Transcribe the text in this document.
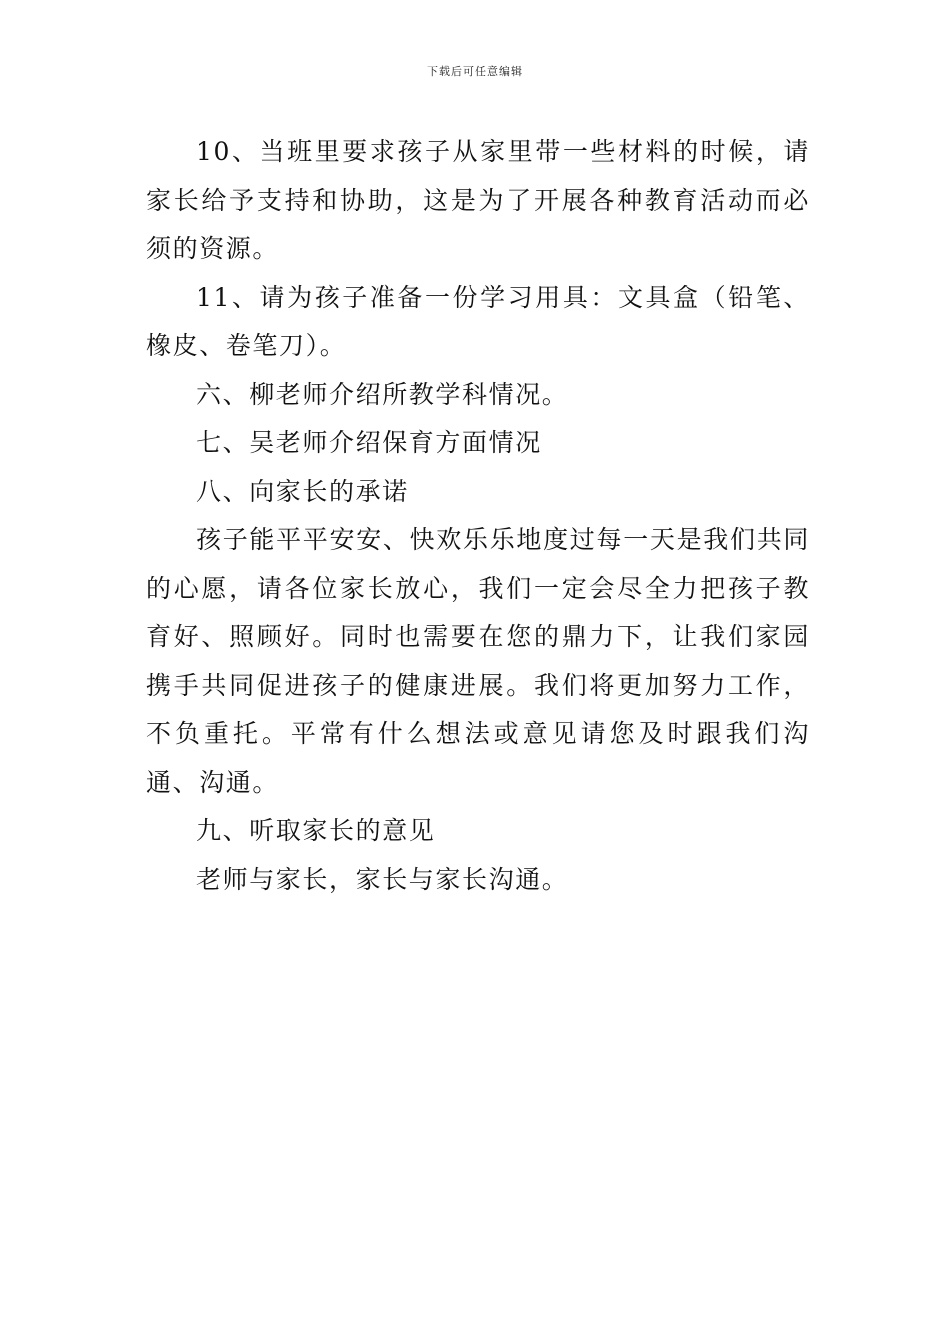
下载后可任意编辑

10、当班里要求孩子从家里带一些材料的时候，请家长给予支持和协助，这是为了开展各种教育活动而必须的资源。

11、请为孩子准备一份学习用具：文具盒（铅笔、橡皮、卷笔刀）。

六、柳老师介绍所教学科情况。

七、吴老师介绍保育方面情况

八、向家长的承诺

孩子能平平安安、快欢乐乐地度过每一天是我们共同的心愿，请各位家长放心，我们一定会尽全力把孩子教育好、照顾好。同时也需要在您的鼎力下，让我们家园携手共同促进孩子的健康进展。我们将更加努力工作，不负重托。平常有什么想法或意见请您及时跟我们沟通、沟通。

九、听取家长的意见

老师与家长，家长与家长沟通。
